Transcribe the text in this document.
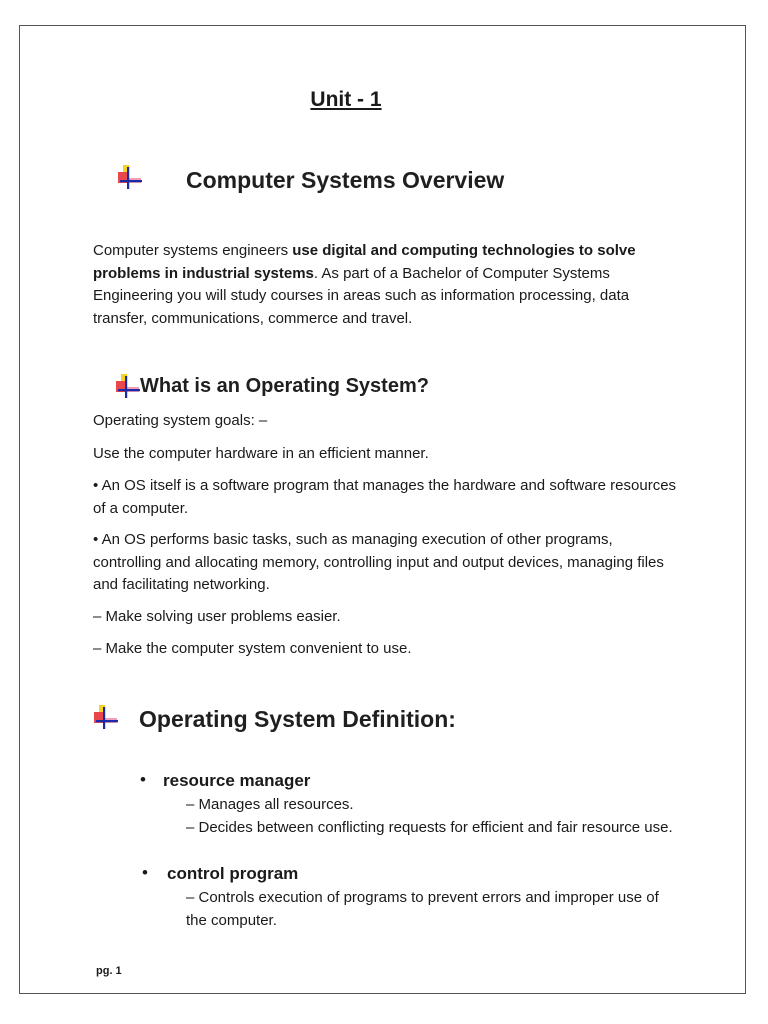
Unit - 1
Computer Systems Overview
Computer systems engineers use digital and computing technologies to solve problems in industrial systems. As part of a Bachelor of Computer Systems Engineering you will study courses in areas such as information processing, data transfer, communications, commerce and travel.
What is an Operating System?
Operating system goals: –
Use the computer hardware in an efficient manner.
• An OS itself is a software program that manages the hardware and software resources of a computer.
• An OS performs basic tasks, such as managing execution of other programs, controlling and allocating memory, controlling input and output devices, managing files and facilitating networking.
– Make solving user problems easier.
– Make the computer system convenient to use.
Operating System Definition:
• resource manager
– Manages all resources.
– Decides between conflicting requests for efficient and fair resource use.
• control program
– Controls execution of programs to prevent errors and improper use of the computer.
pg. 1
